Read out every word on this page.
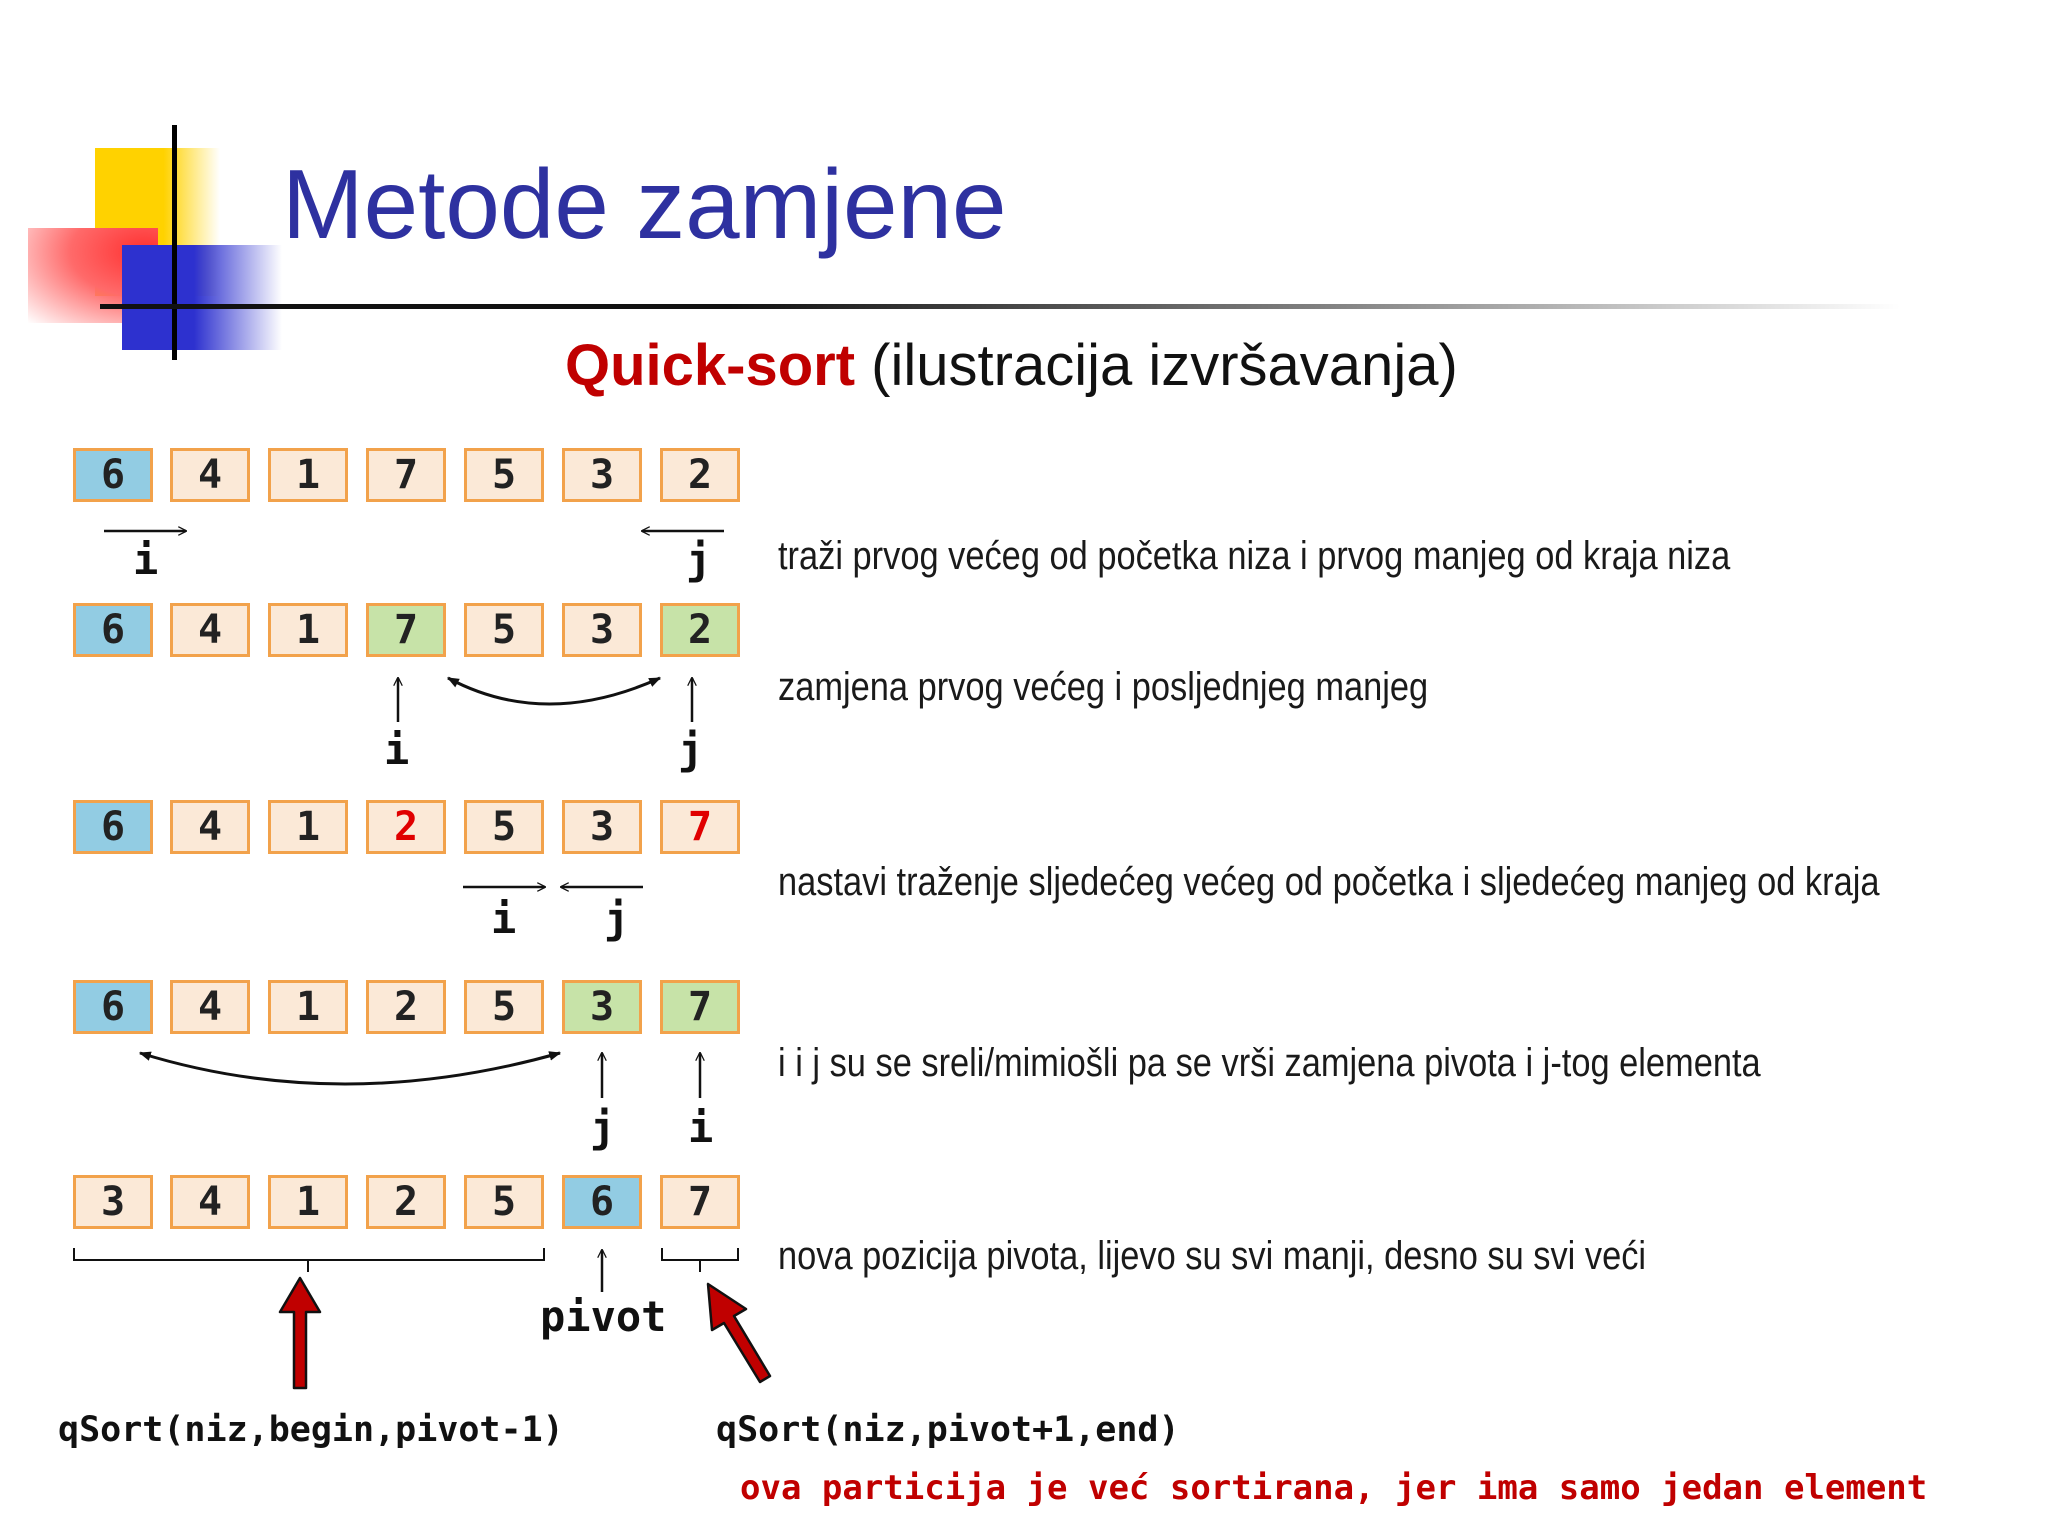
Metode zamjene

Quick-sort (ilustracija izvršavanja)

6	4	1	7	5	3	2

traži prvog većeg od početka niza i prvog manjeg od kraja niza

i	j
6	4	1	7	5	3	2

zamjena prvog većeg i posljednjeg manjeg

i	j
6	4	1	2	5	3	7

nastavi traženje sljedećeg većeg od početka i sljedećeg manjeg od kraja

i j
6	4	1	2	5	3	7

i i j su se sreli/mimiošli pa se vrši zamjena pivota i j-tog elementa

j i
3	4	1	2	5	6	7

nova pozicija pivota, lijevo su svi manji, desno su svi veći

pivot
qSort(niz,begin,pivot-1)	qSort(niz,pivot+1,end)
ova particija je već sortirana, jer ima samo jedan element
